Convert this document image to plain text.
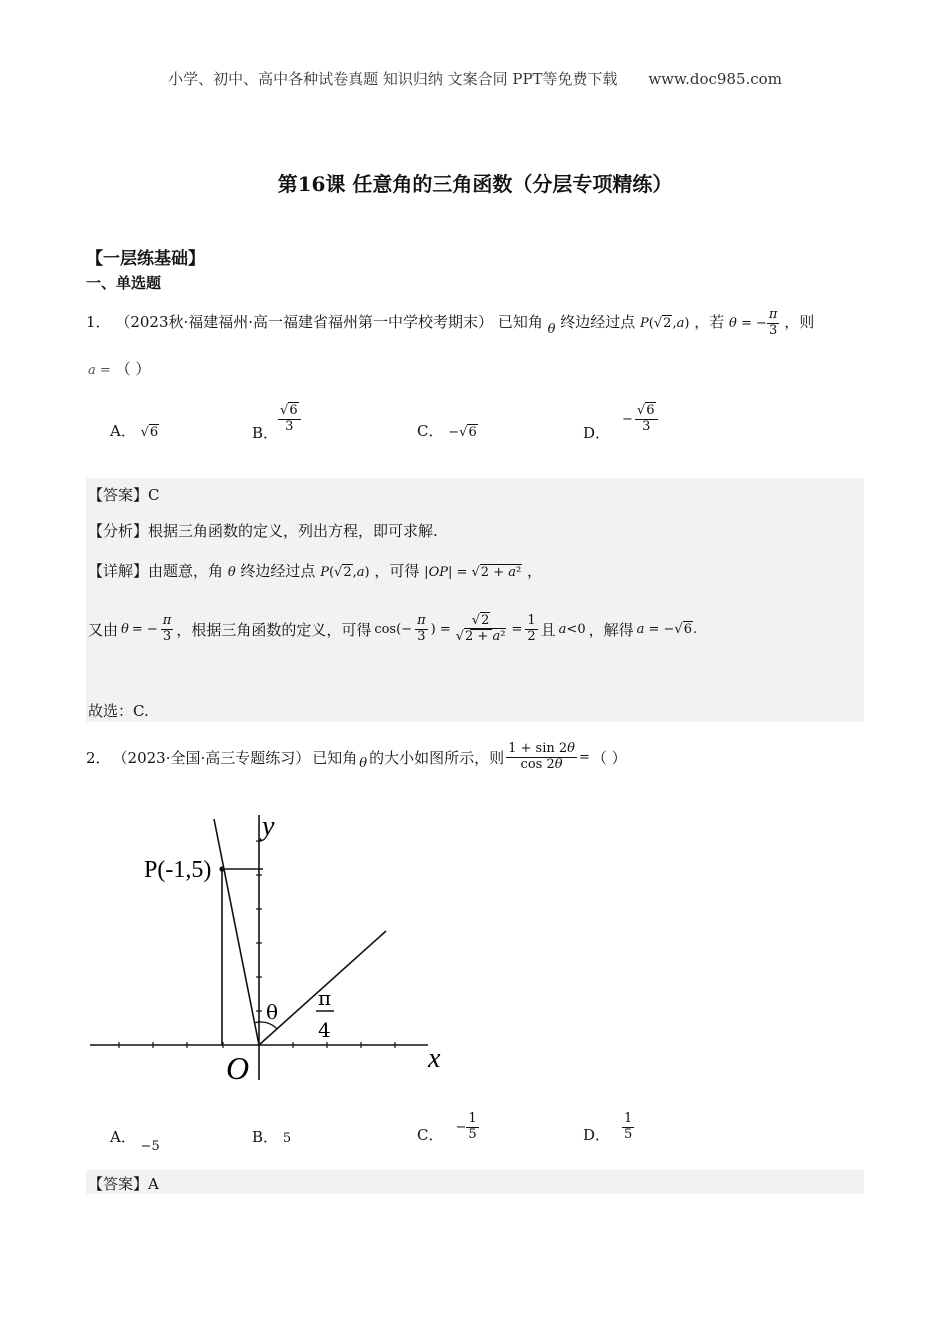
小学、初中、高中各种试卷真题 知识归纳 文案合同 PPT等免费下载 www.doc985.com
第16课 任意角的三角函数（分层专项精练）
【一层练基础】
一、单选题
1． （2023秋·福建福州·高一福建省福州第一中学校考期末） 已知角 θ 终边经过点 P(√2,a) ，若 θ = − $\frac{\pi}{3}$ ，则
a = （ ）
A． √6	B． $\frac{√6}{3}$	C． −√6	D．
− $\frac{√6}{3}$
【答案】C
【分析】根据三角函数的定义，列出方程，即可求解.
【详解】由题意，角 θ 终边经过点 P(√2,a) ，可得 |OP| = √2 + a² ，
又由 θ = − $\frac{\pi}{3}$ ，根据三角函数的定义，可得 $\cos(- \frac{\pi}{3}$ ) = $\frac{√2}{\text{√2 + a²}} = \frac{1}{2}$ 且 a<0 ，解得 a = −√6.
故选：C.
2． （2023·全国·高三专题练习） 已知角 θ 的大小如图所示，则 $\frac{1 + \sin 2\theta}{\cos 2\theta}$ = （ ）
P(-1,5)
y
x
O
θ
π
4
A． −5
B． 5	C． − $\frac{1}{5}$	D． $\frac{1}{5}$
【答案】A
